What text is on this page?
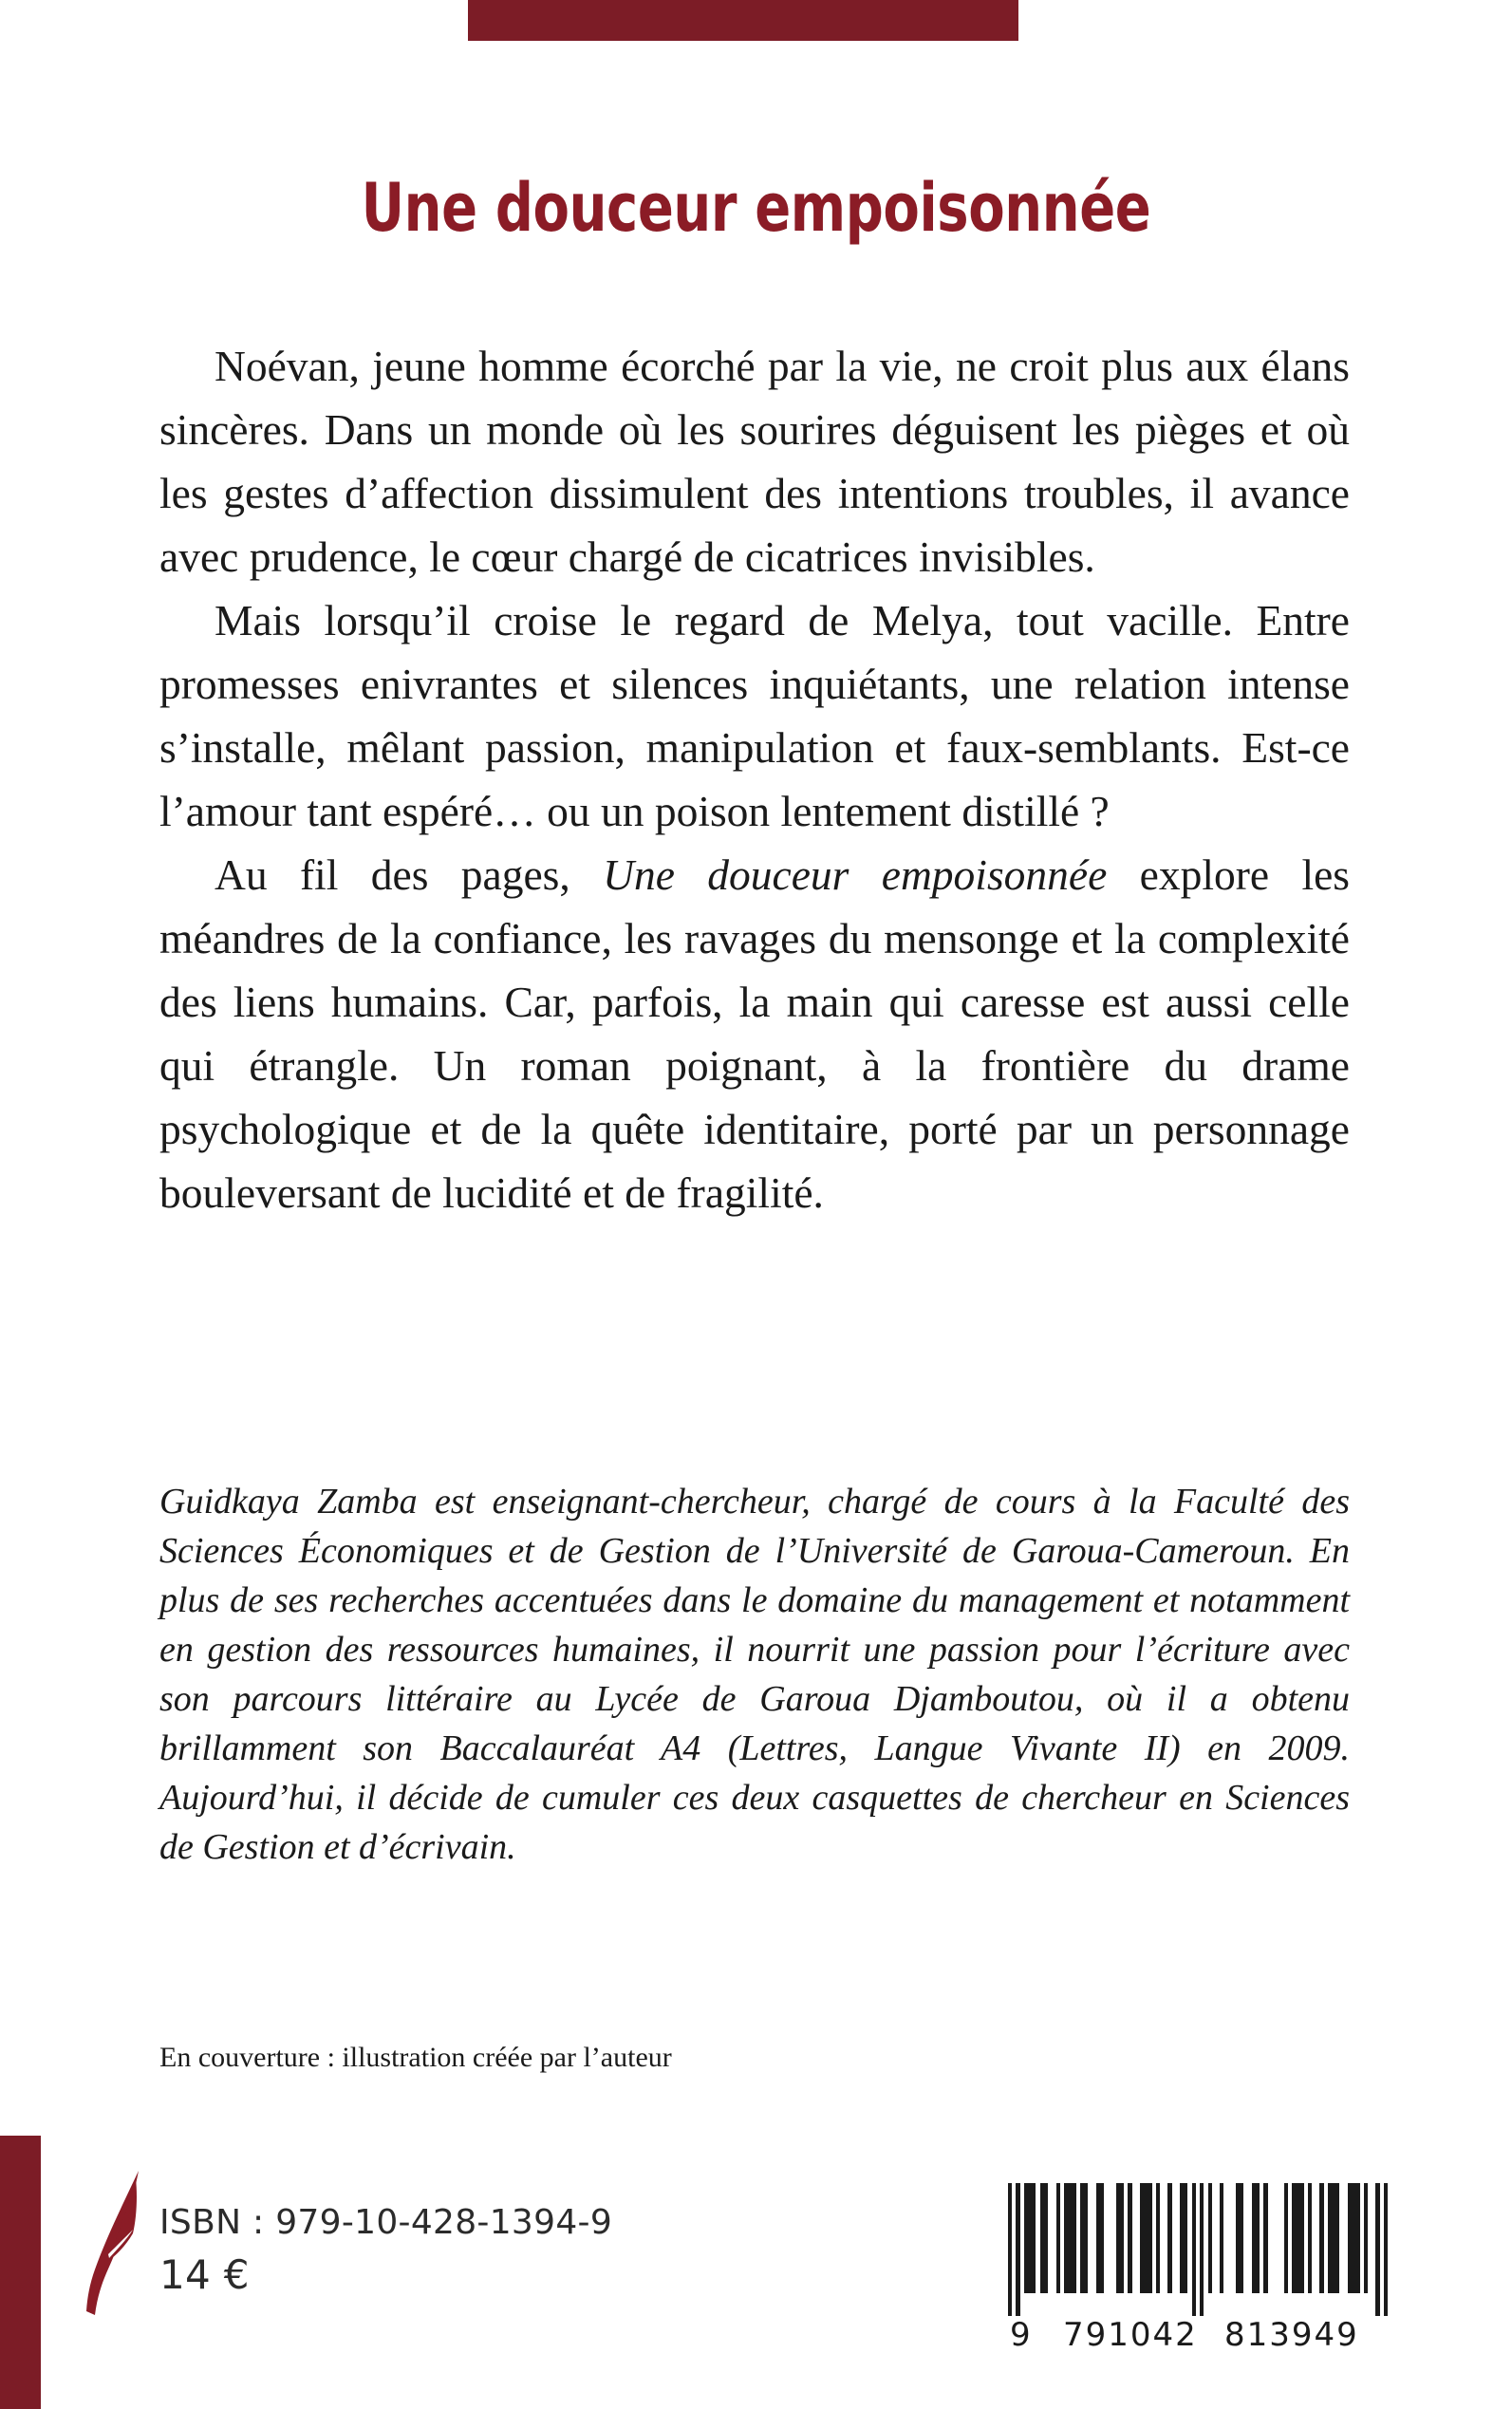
Une douceur empoisonnée

Noévan, jeune homme écorché par la vie, ne croit plus aux élans sincères. Dans un monde où les sourires déguisent les pièges et où les gestes d’affection dissimulent des intentions troubles, il avance avec prudence, le cœur chargé de cicatrices invisibles.

Mais lorsqu’il croise le regard de Melya, tout vacille. Entre promesses enivrantes et silences inquiétants, une relation intense s’installe, mêlant passion, manipulation et faux-semblants. Est-ce l’amour tant espéré… ou un poison lentement distillé ?

Au fil des pages, Une douceur empoisonnée explore les méandres de la confiance, les ravages du mensonge et la complexité des liens humains. Car, parfois, la main qui caresse est aussi celle qui étrangle. Un roman poignant, à la frontière du drame psychologique et de la quête identitaire, porté par un personnage bouleversant de lucidité et de fragilité.

Guidkaya Zamba est enseignant-chercheur, chargé de cours à la Faculté des Sciences Économiques et de Gestion de l’Université de Garoua-Cameroun. En plus de ses recherches accentuées dans le domaine du management et notamment en gestion des ressources humaines, il nourrit une passion pour l’écriture avec son parcours littéraire au Lycée de Garoua Djamboutou, où il a obtenu brillamment son Baccalauréat A4 (Lettres, Langue Vivante II) en 2009. Aujourd’hui, il décide de cumuler ces deux casquettes de chercheur en Sciences de Gestion et d’écrivain.

En couverture : illustration créée par l’auteur
ISBN : 979-10-428-1394-9
14 €
9 791042 813949
